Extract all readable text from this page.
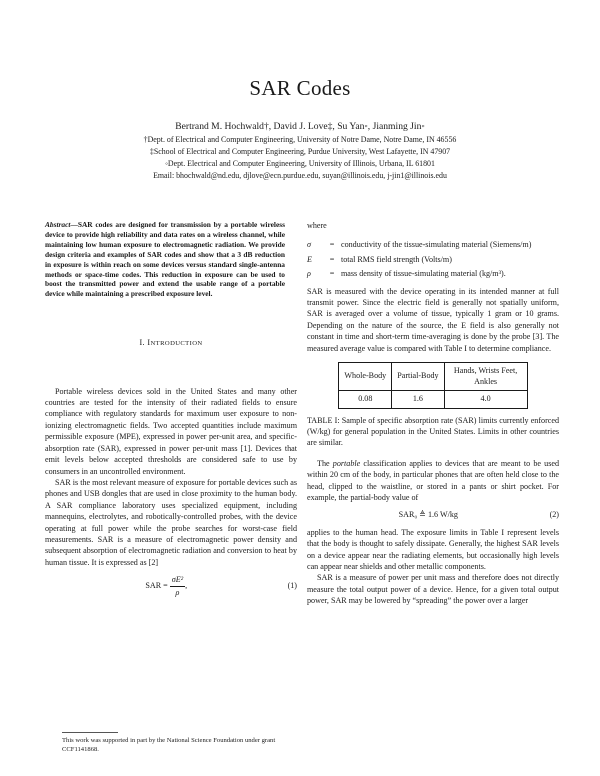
SAR Codes
Bertrand M. Hochwald†, David J. Love‡, Su Yan◦, Jianming Jin◦
†Dept. of Electrical and Computer Engineering, University of Notre Dame, Notre Dame, IN 46556
‡School of Electrical and Computer Engineering, Purdue University, West Lafayette, IN 47907
◦Dept. Electrical and Computer Engineering, University of Illinois, Urbana, IL 61801
Email: bhochwald@nd.edu, djlove@ecn.purdue.edu, suyan@illinois.edu, j-jin1@illinois.edu
Abstract—SAR codes are designed for transmission by a portable wireless device to provide high reliability and data rates on a wireless channel, while maintaining low human exposure to electromagnetic radiation. We provide design criteria and examples of SAR codes and show that a 3 dB reduction in exposure is within reach on some devices versus standard single-antenna methods or space-time codes. This reduction in exposure can be used to boost the transmitted power and extend the usable range of a portable device while maintaining a prescribed exposure level.
I. INTRODUCTION

Portable wireless devices sold in the United States and many other countries are tested for the intensity of their radiated fields to ensure compliance with regulatory standards for maximum user exposure to non-ionizing electromagnetic fields. Two accepted quantities include maximum permissible exposure (MPE), expressed in power per-unit area, and specific-absorption rate (SAR), expressed in power per-unit mass [1]. Devices that emit levels below accepted thresholds are considered safe to use by consumers in an uncontrolled environment.

SAR is the most relevant measure of exposure for portable devices such as phones and USB dongles that are used in close proximity to the human body. A SAR compliance laboratory uses specialized equipment, including mannequins, electrolytes, and robotically-controlled probes, with the device operating at full power while the probe searches for worst-case field measurements. SAR is a measure of electromagnetic power density and subsequent absorption of electromagnetic radiation and conversion to heat by human tissue. It is expressed as [2]

SAR = $\frac{\text{σE²}}{\rho}$ ,	(1)
This work was supported in part by the National Science Foundation under grant CCF1141868.

where

σ	= conductivity of the tissue-simulating material (Siemens/m)
E	= total RMS field strength (Volts/m)
ρ	= mass density of tissue-simulating material (kg/m³).

SAR is measured with the device operating in its intended manner at full transmit power. Since the electric field is generally not spatially uniform, SAR is averaged over a volume of tissue, typically 1 gram or 10 grams. Depending on the nature of the source, the E field is also generally not constant in time and short-term time-averaging is done by the probe [3]. The measured average value is compared with Table I to determine compliance.

Whole-Body	Partial-Body	Hands, Wrists Feet, Ankles
0.08	1.6	4.0

TABLE I: Sample of specific absorption rate (SAR) limits currently enforced (W/kg) for general population in the United States. Limits in other countries are similar.

The portable classification applies to devices that are meant to be used within 20 cm of the body, in particular phones that are often held close to the head, clipped to the waistline, or stored in a pants or shirt pocket. For example, the partial-body value of

SAR₀ ≜ 1.6 W/kg	(2)

applies to the human head. The exposure limits in Table I represent levels that the body is thought to safely dissipate. Generally, the highest SAR levels on a device appear near the radiating elements, but occasionally high levels can appear near shields and other metallic components.

SAR is a measure of power per unit mass and therefore does not directly measure the total output power of a device. Hence, for a given total output power, SAR may be lowered by “spreading” the power over a larger
